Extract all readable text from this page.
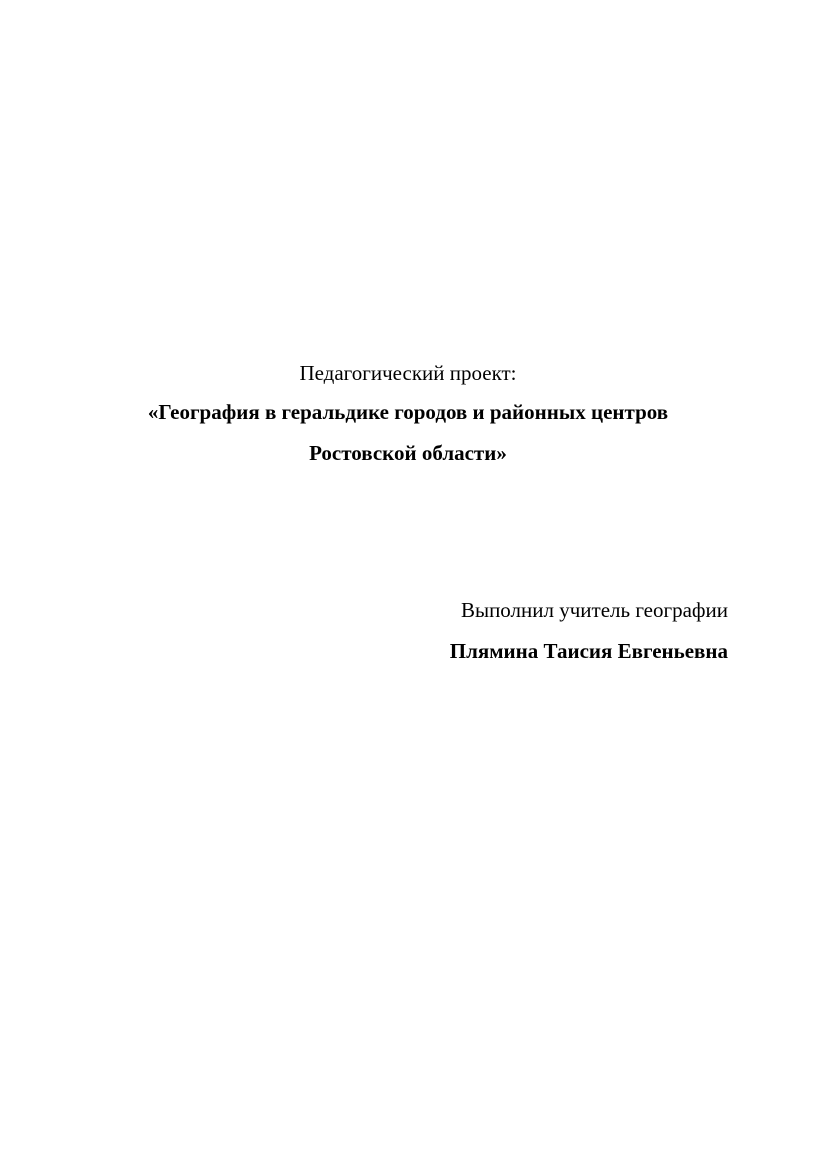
Педагогический проект:
«География в геральдике городов и районных центров
Ростовской области»
Выполнил учитель географии
Плямина Таисия Евгеньевна
